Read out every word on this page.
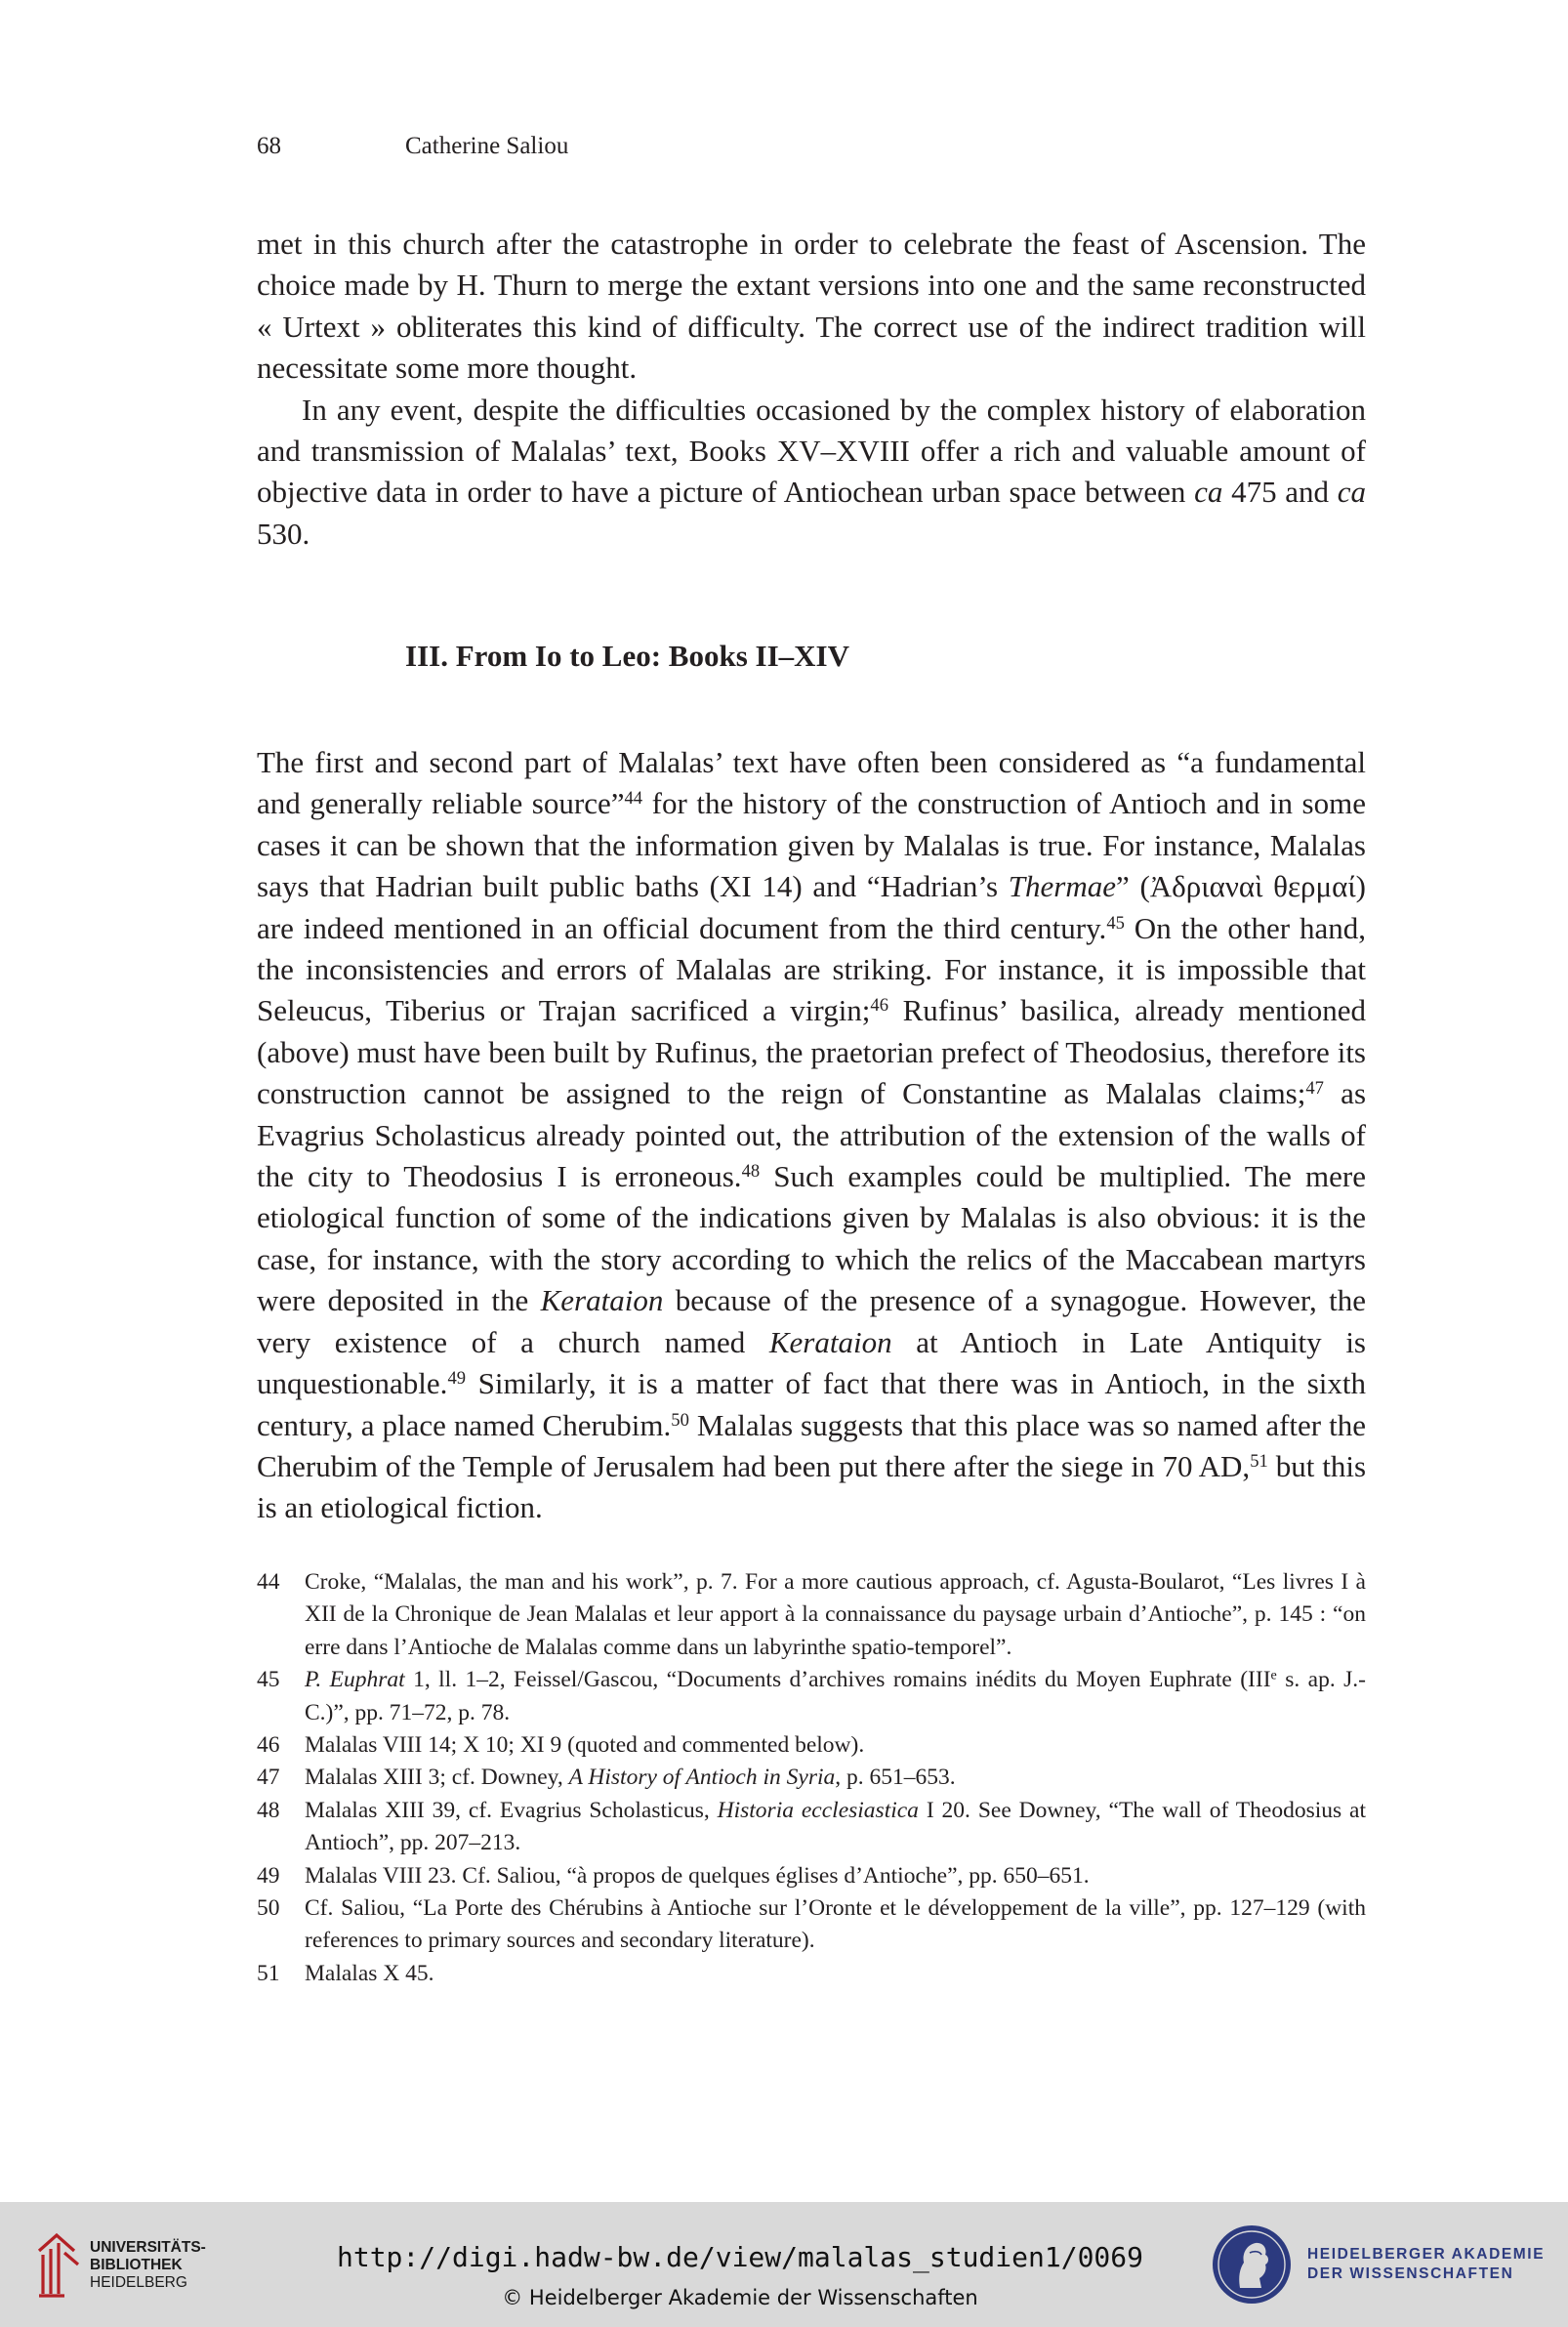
68	Catherine Saliou

met in this church after the catastrophe in order to celebrate the feast of Ascension. The choice made by H. Thurn to merge the extant versions into one and the same reconstructed « Urtext » obliterates this kind of difficulty. The correct use of the indirect tradition will necessitate some more thought.

In any event, despite the difficulties occasioned by the complex history of elaboration and transmission of Malalas’ text, Books XV–XVIII offer a rich and valuable amount of objective data in order to have a picture of Antiochean urban space between ca 475 and ca 530.

III. From Io to Leo: Books II–XIV

The first and second part of Malalas’ text have often been considered as “a fundamental and generally reliable source”$^{44}$ for the history of the construction of Antioch and in some cases it can be shown that the information given by Malalas is true. For instance, Malalas says that Hadrian built public baths (XI 14) and “Hadrian’s Thermae” (Ἀδριαναὶ θερμαί) are indeed mentioned in an official document from the third century.$^{45}$ On the other hand, the inconsistencies and errors of Malalas are striking. For instance, it is impossible that Seleucus, Tiberius or Trajan sacrificed a virgin;$^{46}$ Rufinus’ basilica, already mentioned (above) must have been built by Rufinus, the praetorian prefect of Theodosius, therefore its construction cannot be assigned to the reign of Constantine as Malalas claims;$^{47}$ as Evagrius Scholasticus already pointed out, the attribution of the extension of the walls of the city to Theodosius I is erroneous.$^{48}$ Such examples could be multiplied. The mere etiological function of some of the indications given by Malalas is also obvious: it is the case, for instance, with the story according to which the relics of the Maccabean martyrs were deposited in the Kerataion because of the presence of a synagogue. However, the very existence of a church named Kerataion at Antioch in Late Antiquity is unquestionable.$^{49}$ Similarly, it is a matter of fact that there was in Antioch, in the sixth century, a place named Cherubim.$^{50}$ Malalas suggests that this place was so named after the Cherubim of the Temple of Jerusalem had been put there after the siege in 70 AD,$^{51}$ but this is an etiological fiction.

44 Croke, “Malalas, the man and his work”, p. 7. For a more cautious approach, cf. Agusta-Boularot, “Les livres I à XII de la Chronique de Jean Malalas et leur apport à la connaissance du paysage urbain d’Antioche”, p. 145 : “on erre dans l’Antioche de Malalas comme dans un labyrinthe spatio-temporel”.
45 P. Euphrat 1, ll. 1–2, Feissel/Gascou, “Documents d’archives romains inédits du Moyen Euphrate (IIIe s. ap. J.-C.)”, pp. 71–72, p. 78.
46 Malalas VIII 14; X 10; XI 9 (quoted and commented below).
47 Malalas XIII 3; cf. Downey, A History of Antioch in Syria, p. 651–653.
48 Malalas XIII 39, cf. Evagrius Scholasticus, Historia ecclesiastica I 20. See Downey, “The wall of Theodosius at Antioch”, pp. 207–213.
49 Malalas VIII 23. Cf. Saliou, “à propos de quelques églises d’Antioche”, pp. 650–651.
50 Cf. Saliou, “La Porte des Chérubins à Antioche sur l’Oronte et le développement de la ville”, pp. 127–129 (with references to primary sources and secondary literature).
51 Malalas X 45.
UNIVERSITÄTS-
BIBLIOTHEK
HEIDELBERG
http://digi.hadw-bw.de/view/malalas_studien1/0069
© Heidelberger Akademie der Wissenschaften
HEIDELBERGER AKADEMIE
DER WISSENSCHAFTEN
